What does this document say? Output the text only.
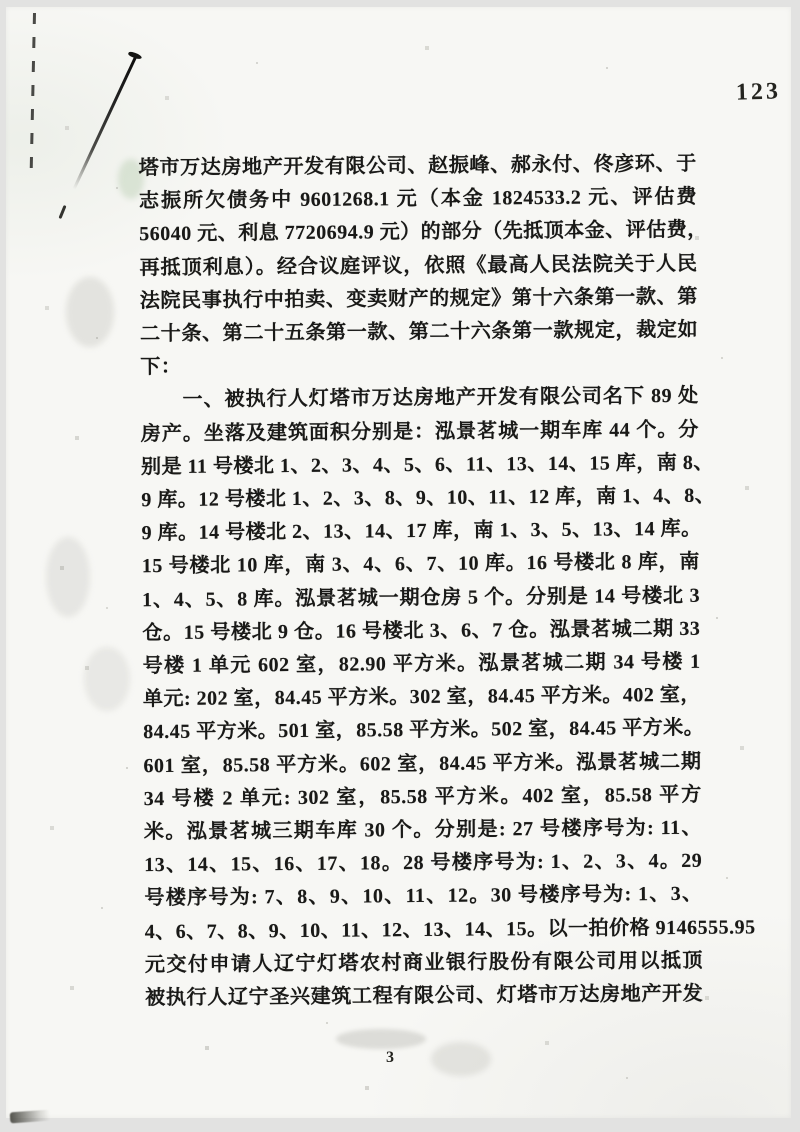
123
塔市万达房地产开发有限公司、赵振峰、郝永付、佟彦环、于
志振所欠债务中 9601268.1 元（本金 1824533.2 元、评估费
56040 元、利息 7720694.9 元）的部分（先抵顶本金、评估费，
再抵顶利息）。经合议庭评议，依照《最高人民法院关于人民
法院民事执行中拍卖、变卖财产的规定》第十六条第一款、第
二十条、第二十五条第一款、第二十六条第一款规定，裁定如
下：
一、被执行人灯塔市万达房地产开发有限公司名下 89 处
房产。坐落及建筑面积分别是：泓景茗城一期车库 44 个。分
别是 11 号楼北 1、2、3、4、5、6、11、13、14、15 库，南 8、
9 库。12 号楼北 1、2、3、8、9、10、11、12 库，南 1、4、8、
9 库。14 号楼北 2、13、14、17 库，南 1、3、5、13、14 库。
15 号楼北 10 库，南 3、4、6、7、10 库。16 号楼北 8 库，南
1、4、5、8 库。泓景茗城一期仓房 5 个。分别是 14 号楼北 3
仓。15 号楼北 9 仓。16 号楼北 3、6、7 仓。泓景茗城二期 33
号楼 1 单元 602 室，82.90 平方米。泓景茗城二期 34 号楼 1
单元: 202 室，84.45 平方米。302 室，84.45 平方米。402 室，
84.45 平方米。501 室，85.58 平方米。502 室，84.45 平方米。
601 室，85.58 平方米。602 室，84.45 平方米。泓景茗城二期
34 号楼 2 单元: 302 室，85.58 平方米。402 室，85.58 平方
米。泓景茗城三期车库 30 个。分别是: 27 号楼序号为: 11、
13、14、15、16、17、18。28 号楼序号为: 1、2、3、4。29
号楼序号为: 7、8、9、10、11、12。30 号楼序号为: 1、3、
4、6、7、8、9、10、11、12、13、14、15。以一拍价格 9146555.95
元交付申请人辽宁灯塔农村商业银行股份有限公司用以抵顶
被执行人辽宁圣兴建筑工程有限公司、灯塔市万达房地产开发
3
